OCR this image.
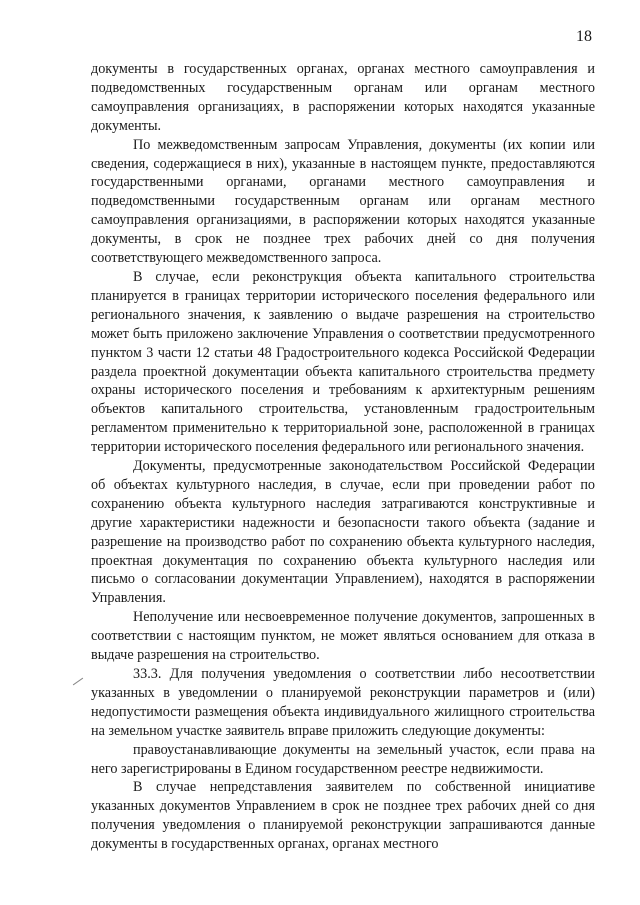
18

документы в государственных органах, органах местного самоуправления и подведомственных государственным органам или органам местного самоуправления организациях, в распоряжении которых находятся указанные документы.

По межведомственным запросам Управления, документы (их копии или сведения, содержащиеся в них), указанные в настоящем пункте, предоставляются государственными органами, органами местного самоуправления и подведомственными государственным органам или органам местного самоуправления организациями, в распоряжении которых находятся указанные документы, в срок не позднее трех рабочих дней со дня получения соответствующего межведомственного запроса.

В случае, если реконструкция объекта капитального строительства планируется в границах территории исторического поселения федерального или регионального значения, к заявлению о выдаче разрешения на строительство может быть приложено заключение Управления о соответствии предусмотренного пунктом 3 части 12 статьи 48 Градостроительного кодекса Российской Федерации раздела проектной документации объекта капитального строительства предмету охраны исторического поселения и требованиям к архитектурным решениям объектов капитального строительства, установленным градостроительным регламентом применительно к территориальной зоне, расположенной в границах территории исторического поселения федерального или регионального значения.

Документы, предусмотренные законодательством Российской Федерации об объектах культурного наследия, в случае, если при проведении работ по сохранению объекта культурного наследия затрагиваются конструктивные и другие характеристики надежности и безопасности такого объекта (задание и разрешение на производство работ по сохранению объекта культурного наследия, проектная документация по сохранению объекта культурного наследия или письмо о согласовании документации Управлением), находятся в распоряжении Управления.

Неполучение или несвоевременное получение документов, запрошенных в соответствии с настоящим пунктом, не может являться основанием для отказа в выдаче разрешения на строительство.

33.3. Для получения уведомления о соответствии либо несоответствии указанных в уведомлении о планируемой реконструкции параметров и (или) недопустимости размещения объекта индивидуального жилищного строительства на земельном участке заявитель вправе приложить следующие документы:

правоустанавливающие документы на земельный участок, если права на него зарегистрированы в Едином государственном реестре недвижимости.

В случае непредставления заявителем по собственной инициативе указанных документов Управлением в срок не позднее трех рабочих дней со дня получения уведомления о планируемой реконструкции запрашиваются данные документы в государственных органах, органах местного
